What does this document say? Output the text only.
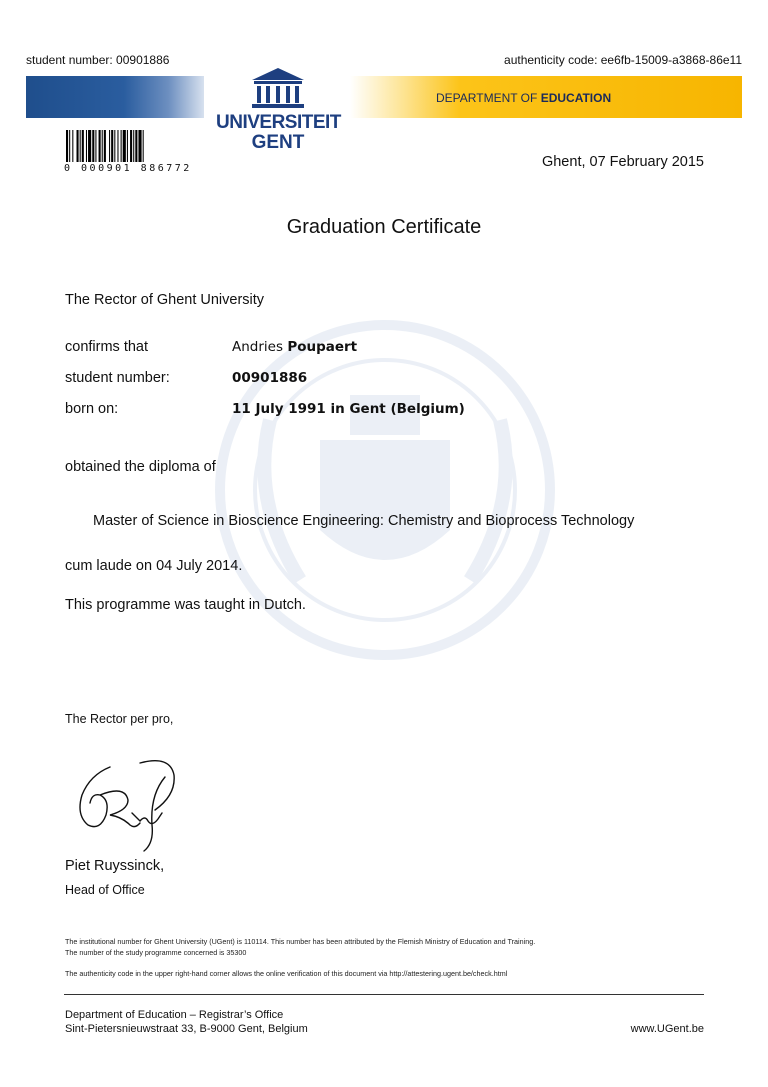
student number: 00901886	authenticity code: ee6fb-15009-a3868-86e11
DEPARTMENT OF EDUCATION
UNIVERSITEIT
GENT
0 000901 886772	Ghent, 07 February 2015
Graduation Certificate
The Rector of Ghent University
confirms that	Andries Poupaert
student number:	00901886
born on:	11 July 1991 in Gent (Belgium)
obtained the diploma of
Master of Science in Bioscience Engineering: Chemistry and Bioprocess Technology
cum laude on 04 July 2014.
This programme was taught in Dutch.
The Rector per pro,
Piet Ruyssinck,
Head of Office
The institutional number for Ghent University (UGent) is 110114. This number has been attributed by the Flemish Ministry of Education and Training.
The number of the study programme concerned is 35300
The authenticity code in the upper right-hand corner allows the online verification of this document via http://attestering.ugent.be/check.html
Department of Education – Registrar’s Office
Sint-Pietersnieuwstraat 33, B-9000 Gent, Belgium	www.UGent.be
